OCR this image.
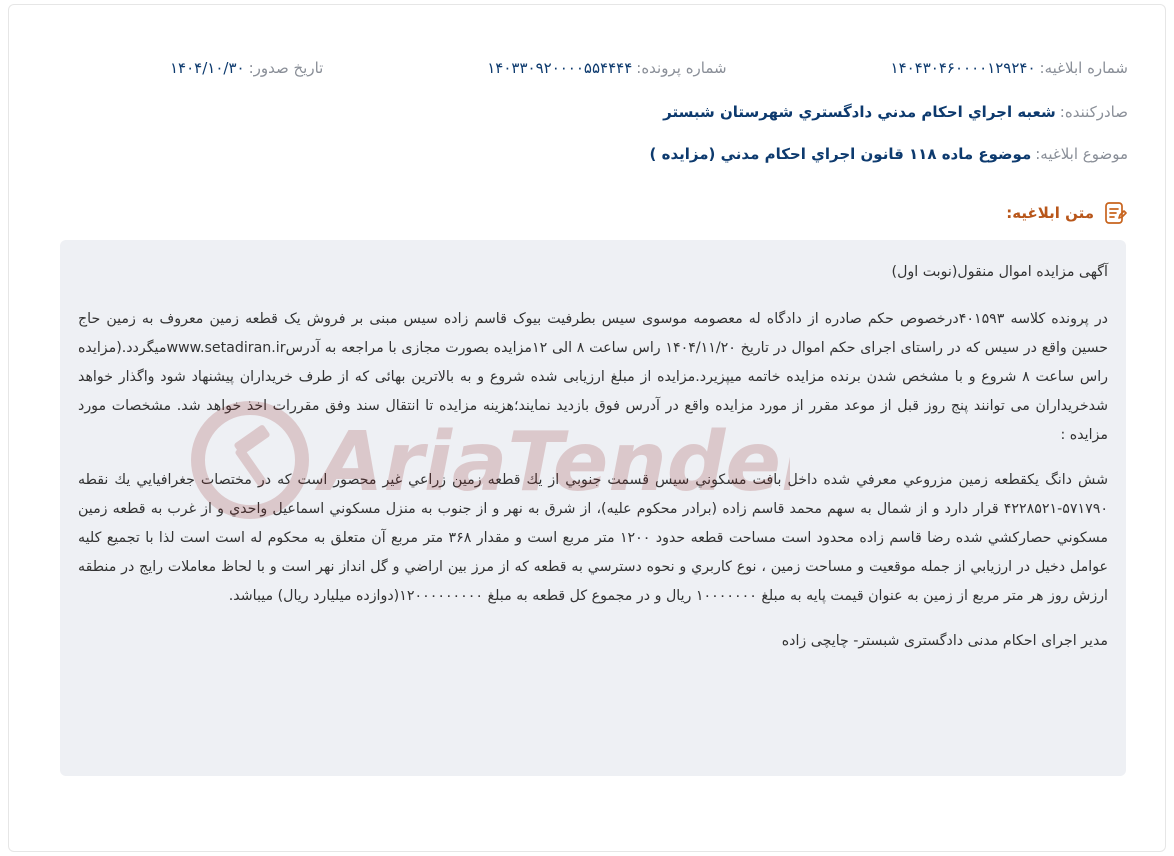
شماره ابلاغیه:
۱۴۰۴۳۰۴۶۰۰۰۰۱۲۹۲۴۰
شماره پرونده:
۱۴۰۳۳۰۹۲۰۰۰۰۵۵۴۴۴۴
تاریخ صدور:
۱۴۰۴/۱۰/۳۰
صادرکننده:
شعبه اجراي احکام مدني دادگستري شهرستان شبستر
موضوع ابلاغیه:
موضوع ماده ۱۱۸ قانون اجراي احکام مدني (مزايده )
متن ابلاغیه:

آگهی مزایده اموال منقول(نوبت اول)

در پرونده کلاسه ۴۰۱۵۹۳درخصوص حکم صادره از دادگاه له معصومه موسوی سیس بطرفیت بیوک قاسم زاده سیس مبنی بر فروش یک قطعه زمین معروف به زمین حاج حسین واقع در سیس که در راستای اجرای حکم اموال در تاریخ ۱۴۰۴/۱۱/۲۰ راس ساعت ۸ الی ۱۲مزایده بصورت مجازی با مراجعه به آدرسwww.setadiran.irمیگردد.(مزایده راس ساعت ۸ شروع و با مشخص شدن برنده مزایده خاتمه میپزیرد.مزایده از مبلغ ارزیابی شده شروع و به بالاترین بهائی که از طرف خریداران پیشنهاد شود واگذار خواهد شدخریداران می توانند پنج روز قبل از موعد مقرر از مورد مزایده واقع در آدرس فوق بازدید نمایند؛هزینه مزایده تا انتقال سند وفق مقررات اخذ خواهد شد. مشخصات مورد مزایده :

شش دانگ يکقطعه زمين مزروعي معرفي شده داخل بافت مسکوني سيس قسمت جنوبي از يك قطعه زمين زراعي غير محصور است كه در مختصات جغرافيايي يك نقطه ۵۷۱۷۹۰-۴۲۲۸۵۲۱ قرار دارد و از شمال به سهم محمد قاسم زاده (برادر محكوم عليه)، از شرق به نهر و از جنوب به منزل مسکوني اسماعيل واحدي و از غرب به قطعه زمين مسكوني حصاركشي شده رضا قاسم زاده محدود است مساحت قطعه حدود ۱۲۰۰ متر مربع است و مقدار ۳۶۸ متر مربع آن متعلق به محکوم له است است لذا با تجميع كليه عوامل دخيل در ارزيابي از جمله موقعيت و مساحت زمين ، نوع كاربري و نحوه دسترسي به قطعه كه از مرز بين اراضي و گل انداز نهر است و با لحاظ معاملات رايج در منطقه ارزش روز هر متر مربع از زمين به عنوان قيمت پايه به مبلغ ۱۰۰۰۰۰۰۰ ريال و در مجموع کل قطعه به مبلغ ۱۲۰۰۰۰۰۰۰۰۰(دوازده میلیارد ریال) میباشد.

مدیر اجرای احکام مدنی دادگستری شبستر- چایچی زاده
